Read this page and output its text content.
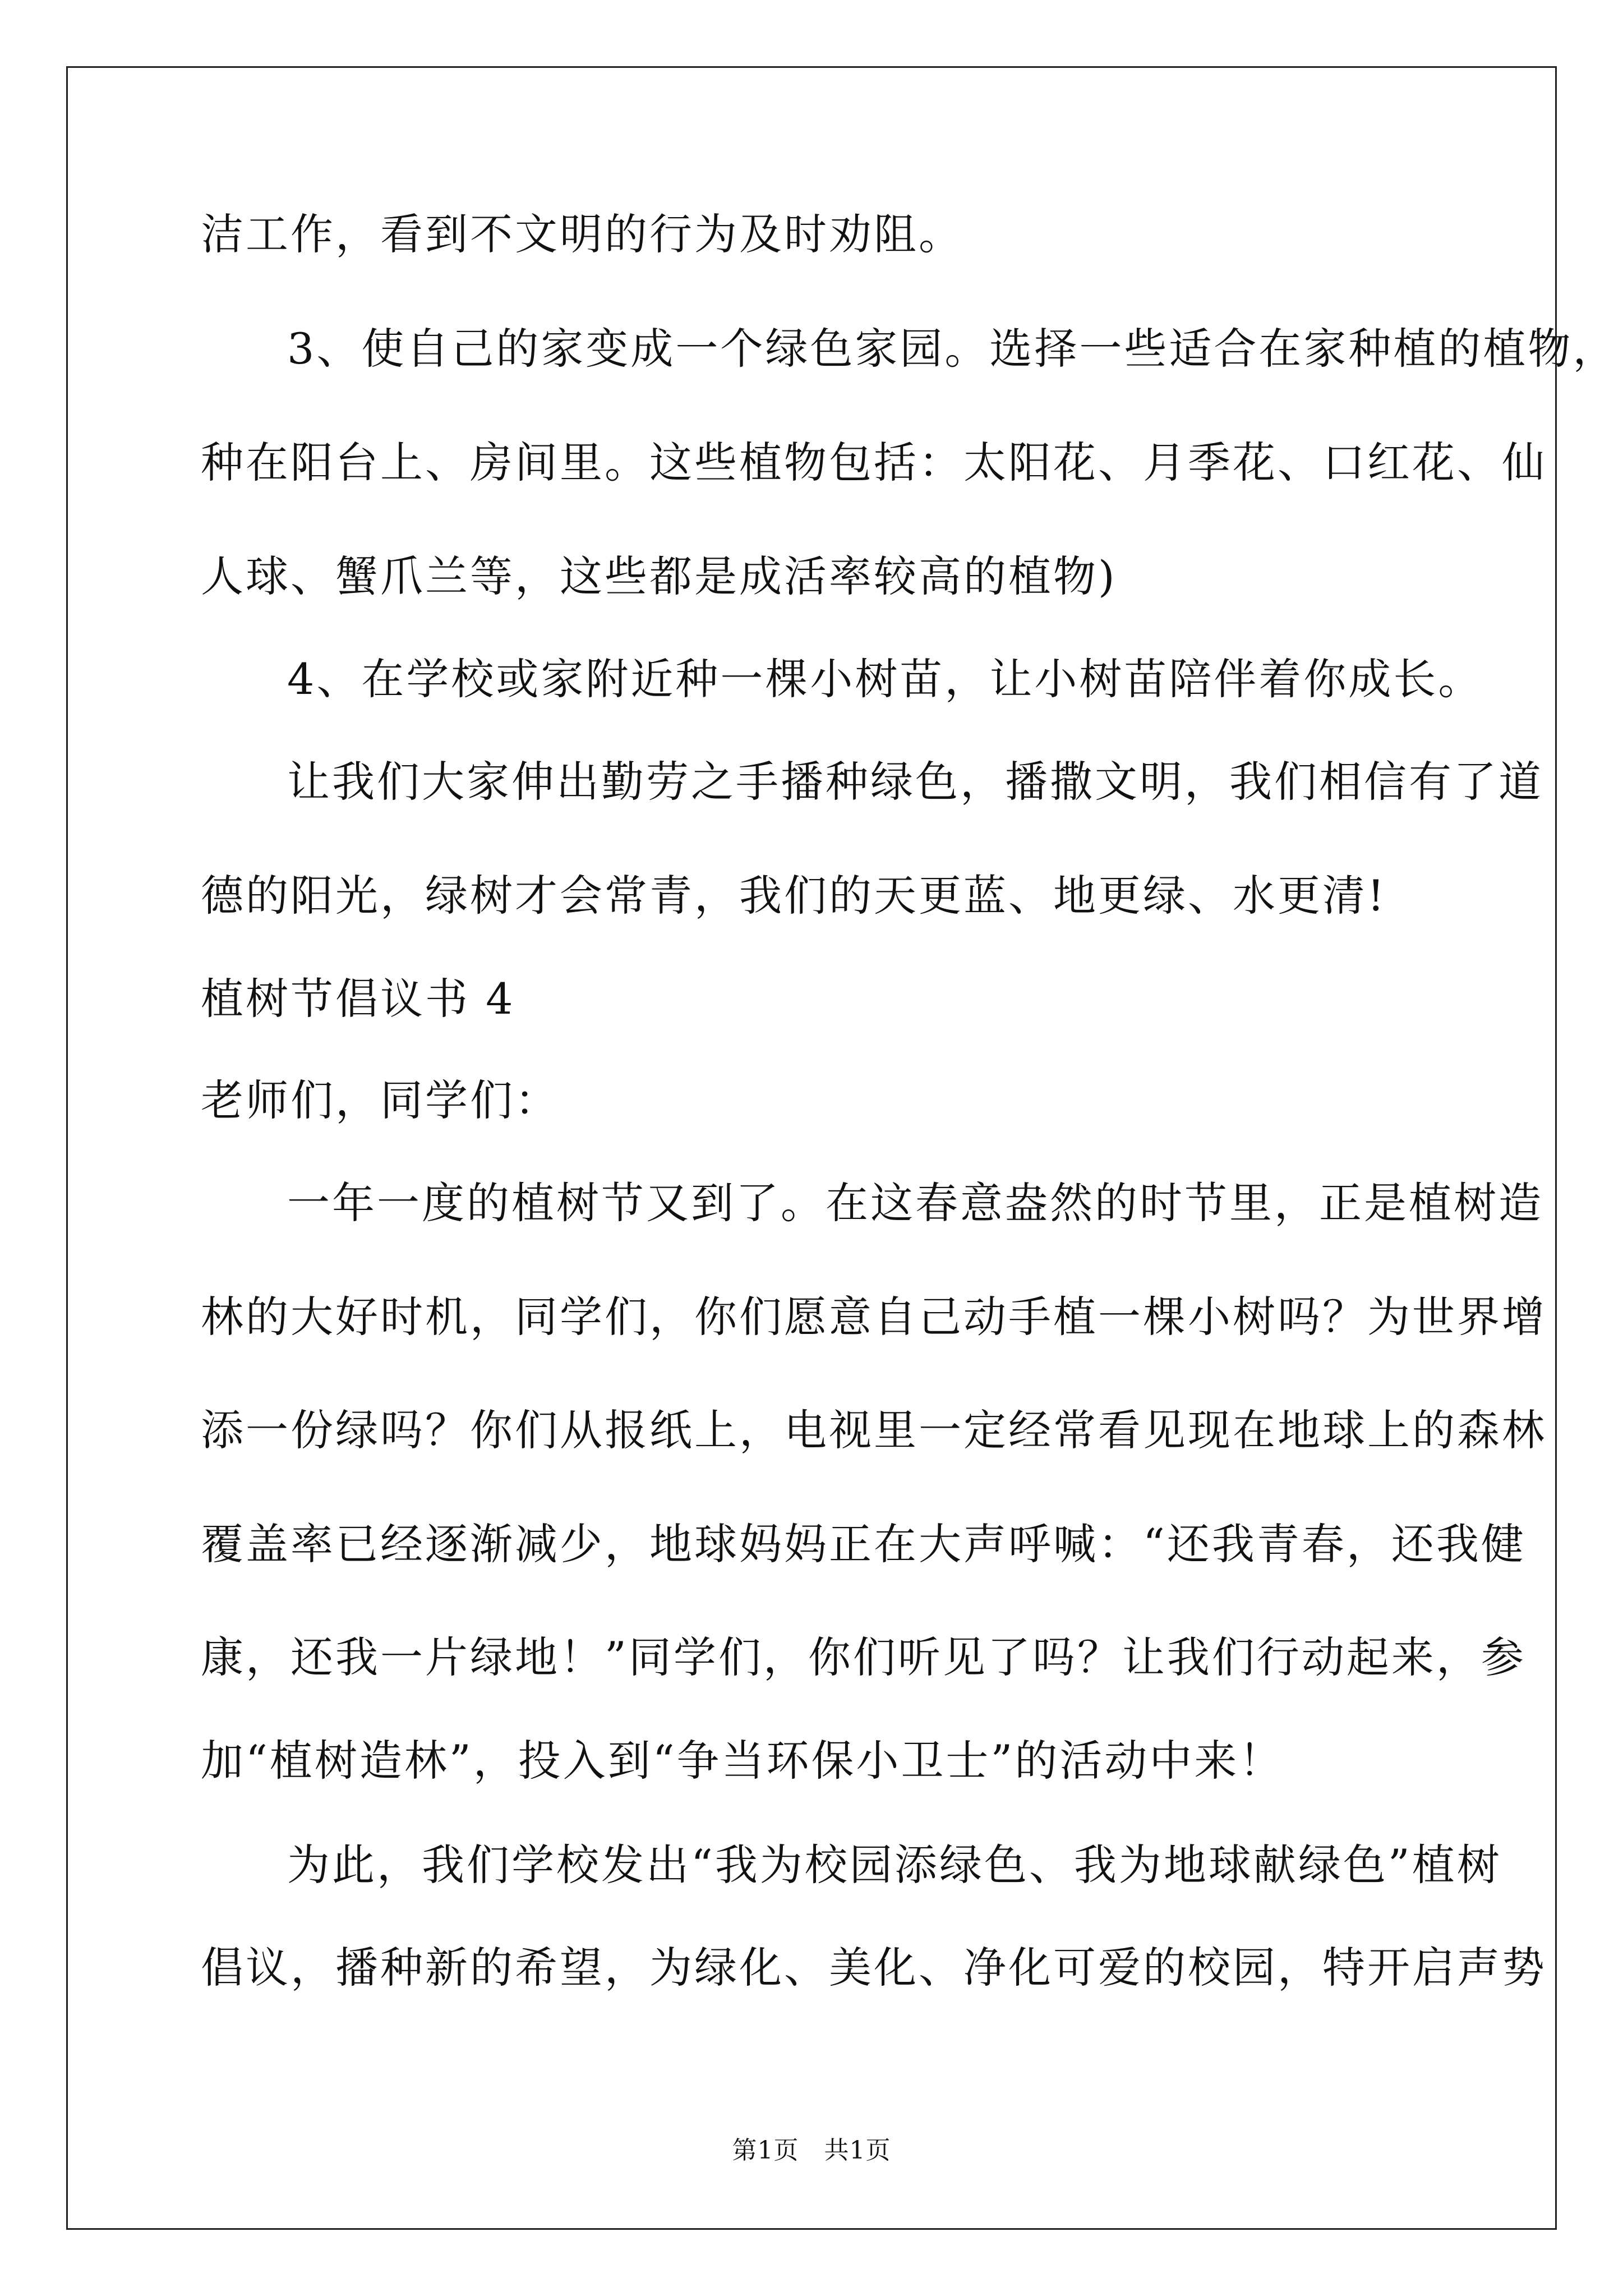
洁工作，看到不文明的行为及时劝阻。
3、使自己的家变成一个绿色家园。选择一些适合在家种植的植物，
种在阳台上、房间里。这些植物包括：太阳花、月季花、口红花、仙
人球、蟹爪兰等，这些都是成活率较高的植物)
4、在学校或家附近种一棵小树苗，让小树苗陪伴着你成长。
让我们大家伸出勤劳之手播种绿色，播撒文明，我们相信有了道
德的阳光，绿树才会常青，我们的天更蓝、地更绿、水更清!
植树节倡议书 4
老师们，同学们：
一年一度的植树节又到了。在这春意盎然的时节里，正是植树造
林的大好时机，同学们，你们愿意自己动手植一棵小树吗？为世界增
添一份绿吗？你们从报纸上，电视里一定经常看见现在地球上的森林
覆盖率已经逐渐减少，地球妈妈正在大声呼喊：“还我青春，还我健
康，还我一片绿地！”同学们，你们听见了吗？让我们行动起来，参
加“植树造林”，投入到“争当环保小卫士”的活动中来！
为此，我们学校发出“我为校园添绿色、我为地球献绿色”植树
倡议，播种新的希望，为绿化、美化、净化可爱的校园，特开启声势
第1页　共1页
